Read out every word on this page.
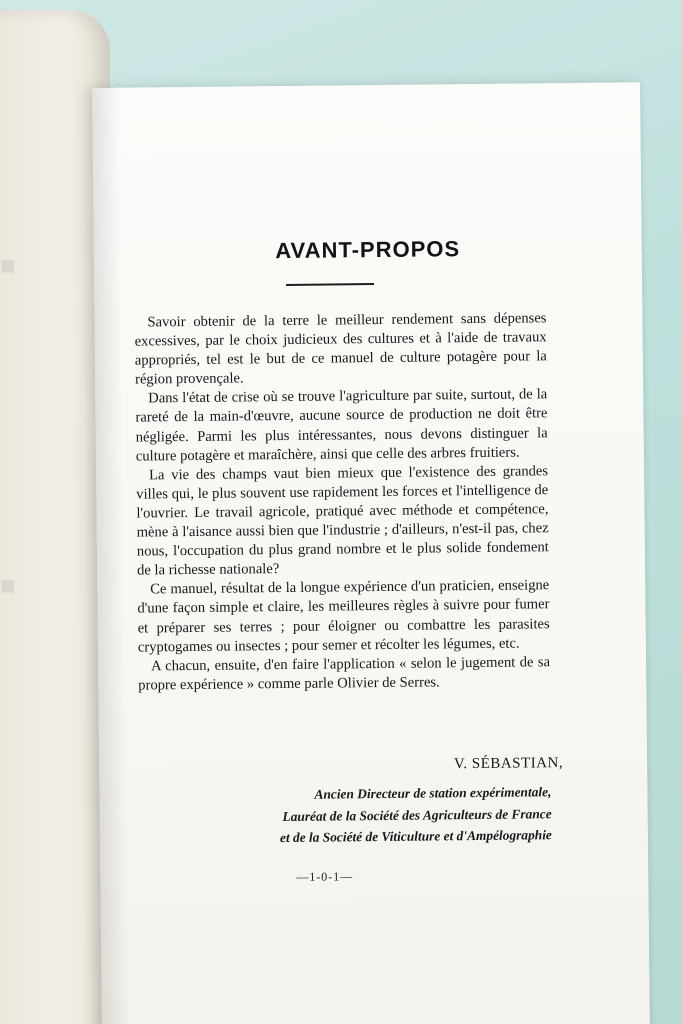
■
■
AVANT-PROPOS

Savoir obtenir de la terre le meilleur rendement sans dépenses excessives, par le choix judicieux des cultures et à l'aide de travaux appropriés, tel est le but de ce manuel de culture potagère pour la région provençale.

Dans l'état de crise où se trouve l'agriculture par suite, surtout, de la rareté de la main-d'œuvre, aucune source de production ne doit être négligée. Parmi les plus intéressantes, nous devons distinguer la culture potagère et maraîchère, ainsi que celle des arbres fruitiers.

La vie des champs vaut bien mieux que l'existence des grandes villes qui, le plus souvent use rapidement les forces et l'intelligence de l'ouvrier. Le travail agricole, pratiqué avec méthode et compétence, mène à l'aisance aussi bien que l'industrie ; d'ailleurs, n'est-il pas, chez nous, l'occupation du plus grand nombre et le plus solide fondement de la richesse nationale?

Ce manuel, résultat de la longue expérience d'un praticien, enseigne d'une façon simple et claire, les meilleures règles à suivre pour fumer et préparer ses terres ; pour éloigner ou combattre les parasites cryptogames ou insectes ; pour semer et récolter les légumes, etc.

A chacun, ensuite, d'en faire l'application « selon le jugement de sa propre expérience » comme parle Olivier de Serres.

V. SÉBASTIAN,
Ancien Directeur de station expérimentale,
Lauréat de la Société des Agriculteurs de France
et de la Société de Viticulture et d'Ampélographie
—1-0-1—
